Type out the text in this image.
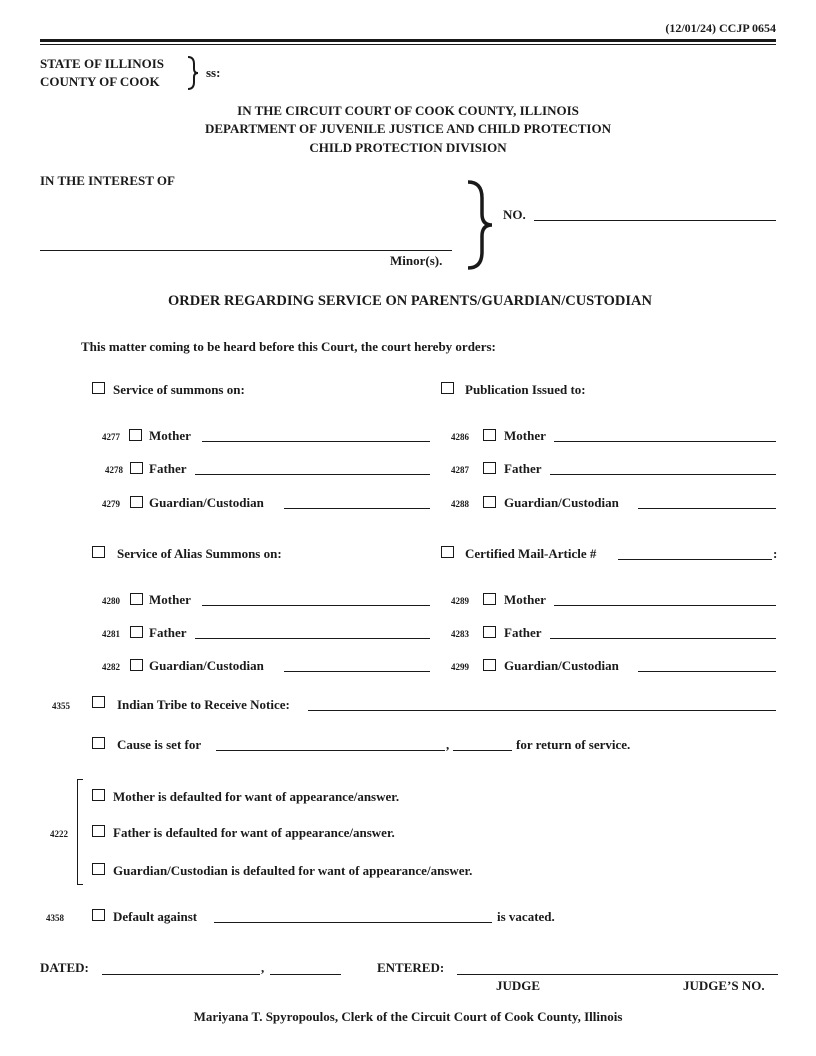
(12/01/24) CCJP 0654
STATE OF ILLINOIS
COUNTY OF COOK
ss:
IN THE CIRCUIT COURT OF COOK COUNTY, ILLINOIS
DEPARTMENT OF JUVENILE JUSTICE AND CHILD PROTECTION
CHILD PROTECTION DIVISION
IN THE INTEREST OF
Minor(s).
NO.
ORDER REGARDING SERVICE ON PARENTS/GUARDIAN/CUSTODIAN
This matter coming to be heard before this Court, the court hereby orders:
Service of summons on:
4277 Mother
4278 Father
4279 Guardian/Custodian
Publication Issued to:
4286	Mother
4287	Father
4288	Guardian/Custodian
Service of Alias Summons on:
4280 Mother
4281 Father
4282 Guardian/Custodian
Certified Mail-Article #	:
4289	Mother
4283	Father
4299	Guardian/Custodian
4355	Indian Tribe to Receive Notice:
Cause is set for	,	for return of service.
4222
Mother is defaulted for want of appearance/answer.
Father is defaulted for want of appearance/answer.
Guardian/Custodian is defaulted for want of appearance/answer.
4358	Default against	is vacated.
DATED:	,	ENTERED:
JUDGE	JUDGE’S NO.
Mariyana T. Spyropoulos, Clerk of the Circuit Court of Cook County, Illinois
